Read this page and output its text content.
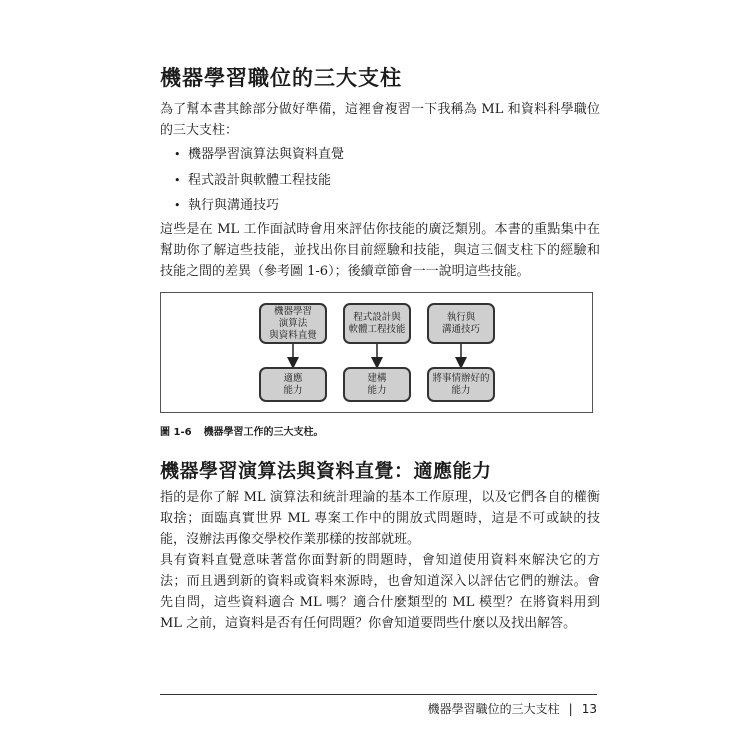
機器學習職位的三大支柱
為了幫本書其餘部分做好準備，這裡會複習一下我稱為 ML 和資料科學職位的三大支柱：
• 機器學習演算法與資料直覺
• 程式設計與軟體工程技能
• 執行與溝通技巧
這些是在 ML 工作面試時會用來評估你技能的廣泛類別。本書的重點集中在幫助你了解這些技能，並找出你目前經驗和技能，與這三個支柱下的經驗和技能之間的差異（參考圖 1-6）；後續章節會一一說明這些技能。
機器學習
演算法
與資料直覺
程式設計與
軟體工程技能
執行與
溝通技巧
適應
能力
建構
能力
將事情辦好的
能力
圖 1-6 機器學習工作的三大支柱。
機器學習演算法與資料直覺：適應能力
指的是你了解 ML 演算法和統計理論的基本工作原理，以及它們各自的權衡取捨；面臨真實世界 ML 專案工作中的開放式問題時，這是不可或缺的技能，沒辦法再像交學校作業那樣的按部就班。
具有資料直覺意味著當你面對新的問題時，會知道使用資料來解決它的方法；而且遇到新的資料或資料來源時，也會知道深入以評估它們的辦法。會先自問，這些資料適合 ML 嗎？適合什麼類型的 ML 模型？在將資料用到 ML 之前，這資料是否有任何問題？你會知道要問些什麼以及找出解答。
機器學習職位的三大支柱 | 13
